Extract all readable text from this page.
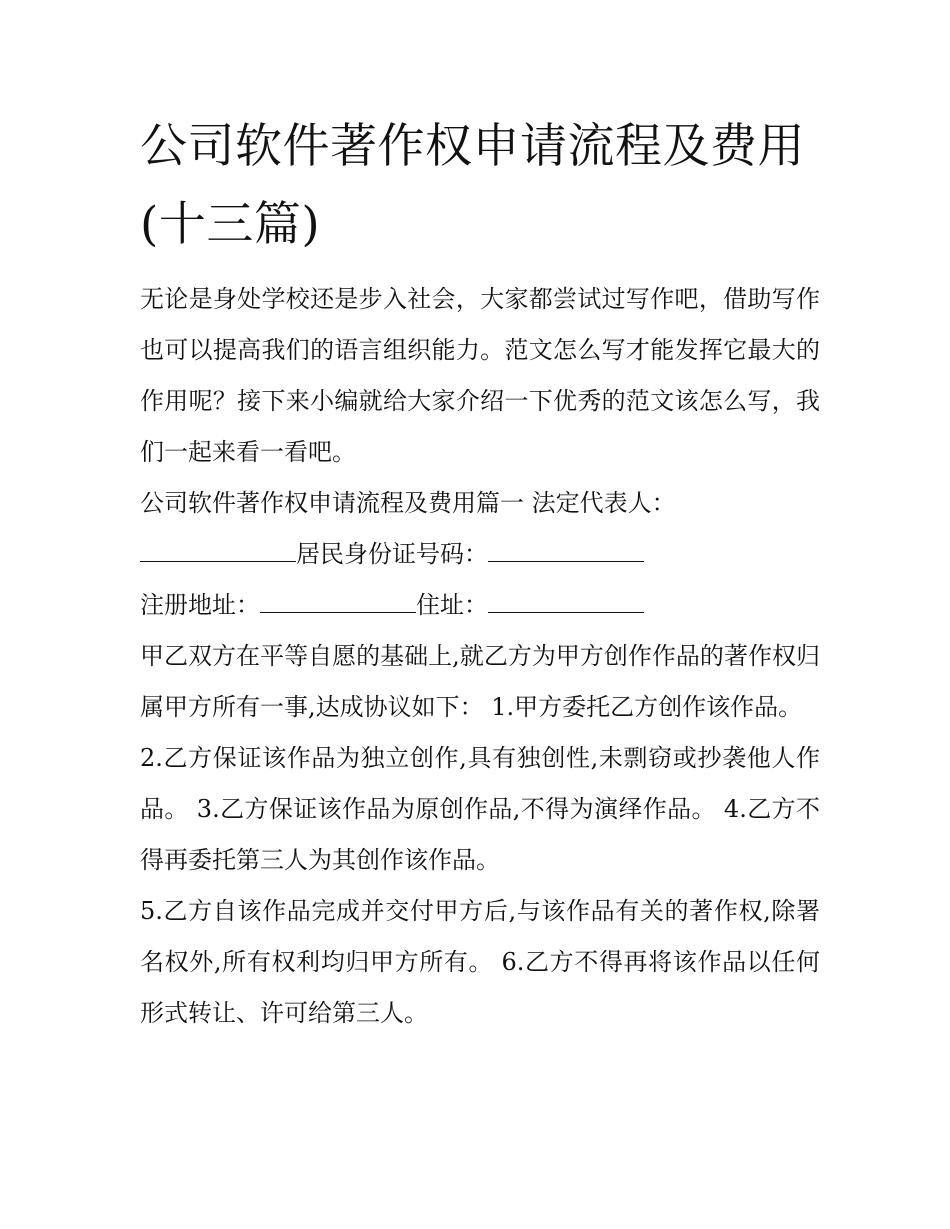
公司软件著作权申请流程及费用(十三篇)

无论是身处学校还是步入社会，大家都尝试过写作吧，借助写作也可以提高我们的语言组织能力。范文怎么写才能发挥它最大的作用呢？接下来小编就给大家介绍一下优秀的范文该怎么写，我们一起来看一看吧。

公司软件著作权申请流程及费用篇一 法定代表人：

居民身份证号码：

注册地址：	住址：

甲乙双方在平等自愿的基础上,就乙方为甲方创作作品的著作权归属甲方所有一事,达成协议如下： 1.甲方委托乙方创作该作品。

2.乙方保证该作品为独立创作,具有独创性,未剽窃或抄袭他人作品。 3.乙方保证该作品为原创作品,不得为演绎作品。 4.乙方不得再委托第三人为其创作该作品。

5.乙方自该作品完成并交付甲方后,与该作品有关的著作权,除署名权外,所有权利均归甲方所有。 6.乙方不得再将该作品以任何形式转让、许可给第三人。
